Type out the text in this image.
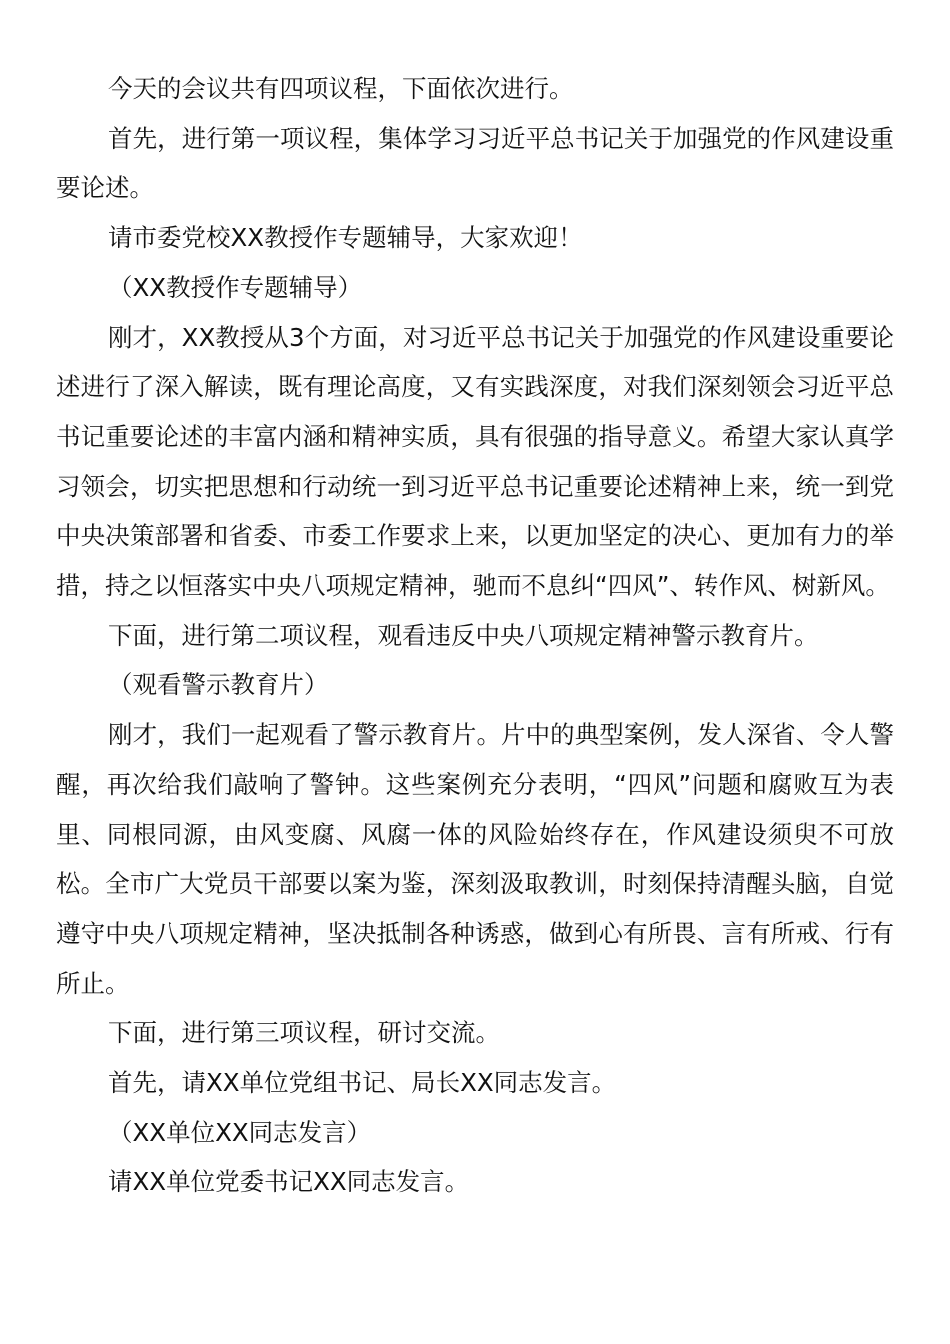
今天的会议共有四项议程，下面依次进行。

首先，进行第一项议程，集体学习习近平总书记关于加强党的作风建设重要论述。

请市委党校XX教授作专题辅导，大家欢迎！

（XX教授作专题辅导）

刚才，XX教授从3个方面，对习近平总书记关于加强党的作风建设重要论述进行了深入解读，既有理论高度，又有实践深度，对我们深刻领会习近平总书记重要论述的丰富内涵和精神实质，具有很强的指导意义。希望大家认真学习领会，切实把思想和行动统一到习近平总书记重要论述精神上来，统一到党中央决策部署和省委、市委工作要求上来，以更加坚定的决心、更加有力的举措，持之以恒落实中央八项规定精神，驰而不息纠“四风”、转作风、树新风。

下面，进行第二项议程，观看违反中央八项规定精神警示教育片。

（观看警示教育片）

刚才，我们一起观看了警示教育片。片中的典型案例，发人深省、令人警醒，再次给我们敲响了警钟。这些案例充分表明，“四风”问题和腐败互为表里、同根同源，由风变腐、风腐一体的风险始终存在，作风建设须臾不可放松。全市广大党员干部要以案为鉴，深刻汲取教训，时刻保持清醒头脑，自觉遵守中央八项规定精神，坚决抵制各种诱惑，做到心有所畏、言有所戒、行有所止。

下面，进行第三项议程，研讨交流。

首先，请XX单位党组书记、局长XX同志发言。

（XX单位XX同志发言）

请XX单位党委书记XX同志发言。
